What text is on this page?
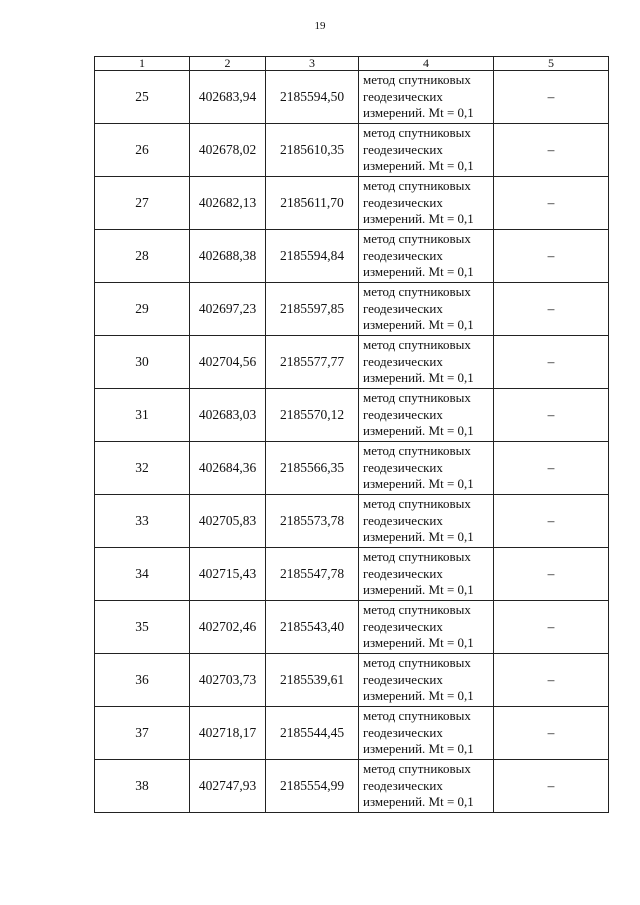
19
1	2	3	4	5
25	402683,94	2185594,50	метод спутниковых
геодезических
измерений. Mt = 0,1	–
26	402678,02	2185610,35	метод спутниковых
геодезических
измерений. Mt = 0,1	–
27	402682,13	2185611,70	метод спутниковых
геодезических
измерений. Mt = 0,1	–
28	402688,38	2185594,84	метод спутниковых
геодезических
измерений. Mt = 0,1	–
29	402697,23	2185597,85	метод спутниковых
геодезических
измерений. Mt = 0,1	–
30	402704,56	2185577,77	метод спутниковых
геодезических
измерений. Mt = 0,1	–
31	402683,03	2185570,12	метод спутниковых
геодезических
измерений. Mt = 0,1	–
32	402684,36	2185566,35	метод спутниковых
геодезических
измерений. Mt = 0,1	–
33	402705,83	2185573,78	метод спутниковых
геодезических
измерений. Mt = 0,1	–
34	402715,43	2185547,78	метод спутниковых
геодезических
измерений. Mt = 0,1	–
35	402702,46	2185543,40	метод спутниковых
геодезических
измерений. Mt = 0,1	–
36	402703,73	2185539,61	метод спутниковых
геодезических
измерений. Mt = 0,1	–
37	402718,17	2185544,45	метод спутниковых
геодезических
измерений. Mt = 0,1	–
38	402747,93	2185554,99	метод спутниковых
геодезических
измерений. Mt = 0,1	–
